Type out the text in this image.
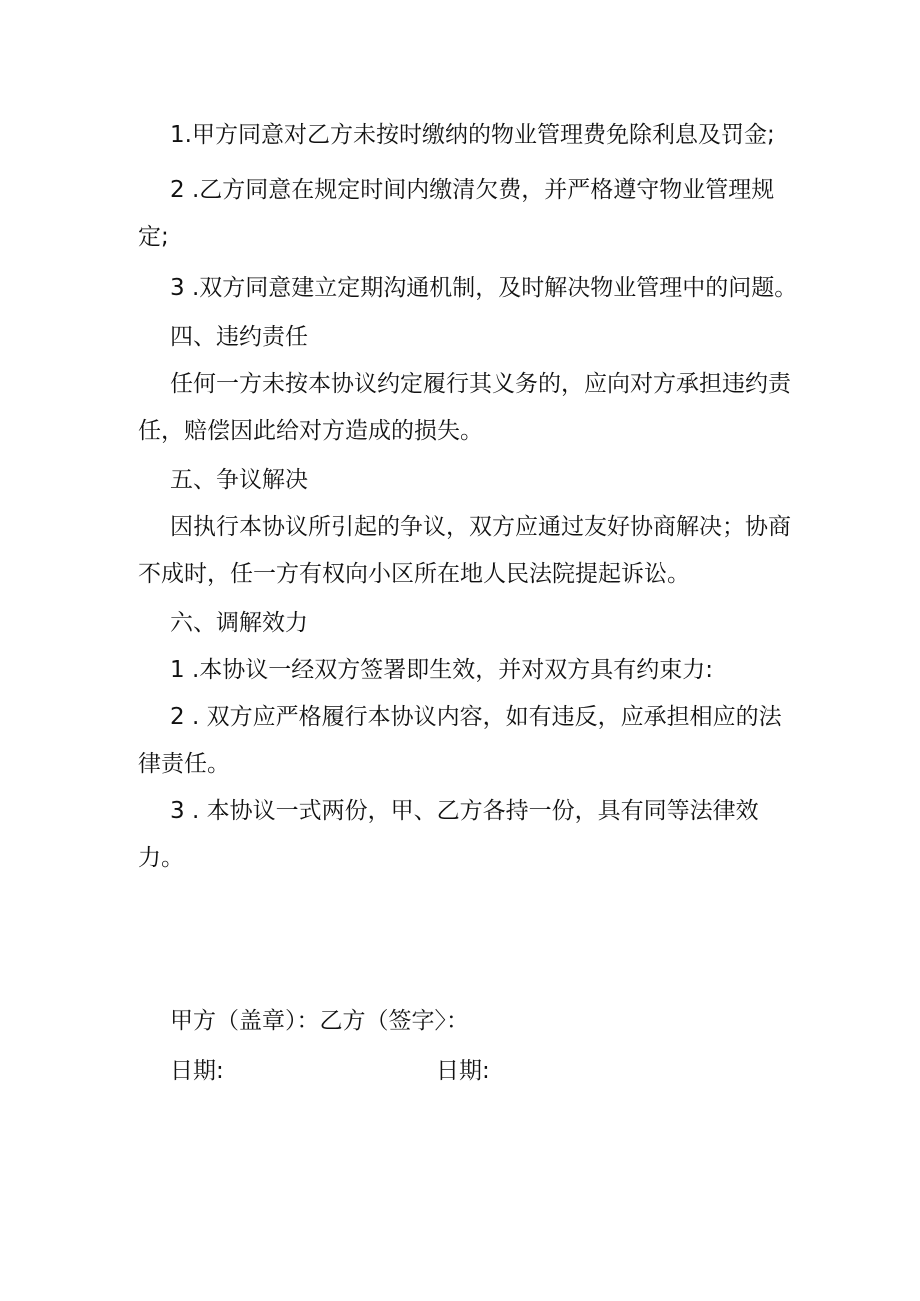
1.甲方同意对乙方未按时缴纳的物业管理费免除利息及罚金;

2 .乙方同意在规定时间内缴清欠费，并严格遵守物业管理规定;

3 .双方同意建立定期沟通机制，及时解决物业管理中的问题。

四、违约责任

任何一方未按本协议约定履行其义务的，应向对方承担违约责任，赔偿因此给对方造成的损失。

五、争议解决

因执行本协议所引起的争议，双方应通过友好协商解决；协商不成时，任一方有权向小区所在地人民法院提起诉讼。

六、调解效力

1 .本协议一经双方签署即生效，并对双方具有约束力:

2 . 双方应严格履行本协议内容，如有违反，应承担相应的法律责任。

3 . 本协议一式两份，甲、乙方各持一份，具有同等法律效力。

甲方（盖章）：乙方（签字〉：
日期:	日期:
